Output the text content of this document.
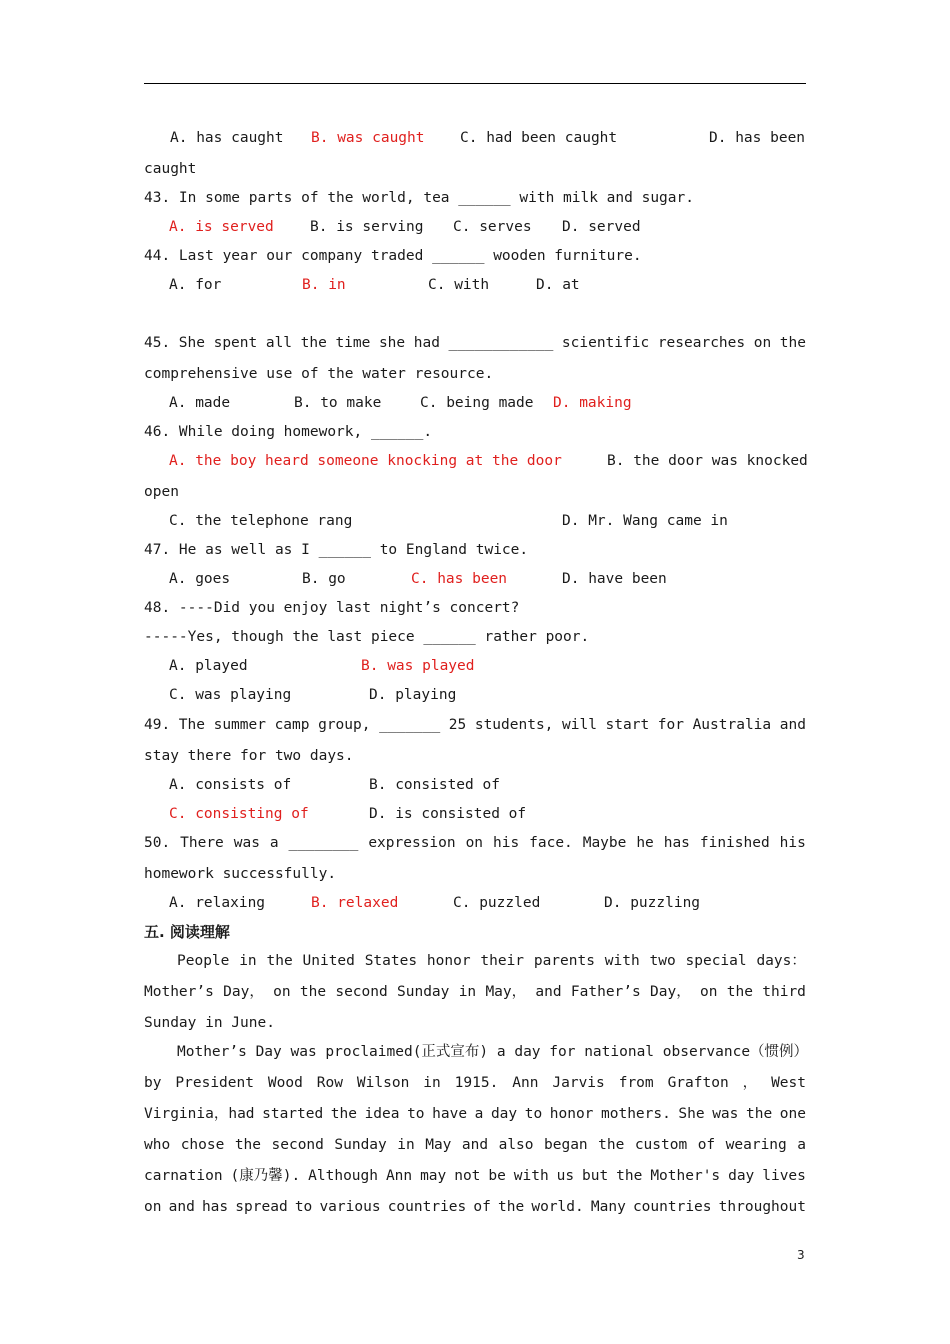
A. has caught B. was caught C. had been caught	D. has been
caught
43. In some parts of the world, tea ______ with milk and sugar.
A. is served B. is serving C. serves D. served
44. Last year our company traded ______ wooden furniture.
A. for	B. in	C. with	D. at
45. She spent all the time she had ____________ scientific researches on the
comprehensive use of the water resource.
A. made	B. to make	C. being made D. making
46. While doing homework, ______.
A. the boy heard someone knocking at the door	B. the door was knocked
open
C. the telephone rang	D. Mr. Wang came in
47. He as well as I ______ to England twice.
A. goes	B. go	C. has been	D. have been
48. ----Did you enjoy last night’s concert?
-----Yes, though the last piece ______ rather poor.
A. played	B. was played
C. was playing	D. playing
49. The summer camp group, _______ 25 students, will start for Australia and
stay there for two days.
A. consists of	B. consisted of
C. consisting of	D. is consisted of
50. There was a ________ expression on his face. Maybe he has finished his
homework successfully.
A. relaxing	B. relaxed	C. puzzled	D. puzzling
五. 阅读理解
People in the United States honor their parents with two special days：
Mother’s Day， on the second Sunday in May， and Father’s Day， on the third
Sunday in June.
Mother’s Day was proclaimed(正式宣布) a day for national observance（惯例）
by President Wood Row Wilson in 1915. Ann Jarvis from Grafton ， West
Virginia，had started the idea to have a day to honor mothers. She was the one
who chose the second Sunday in May and also began the custom of wearing a
carnation (康乃馨). Although Ann may not be with us but the Mother's day lives
on and has spread to various countries of the world. Many countries throughout
3
